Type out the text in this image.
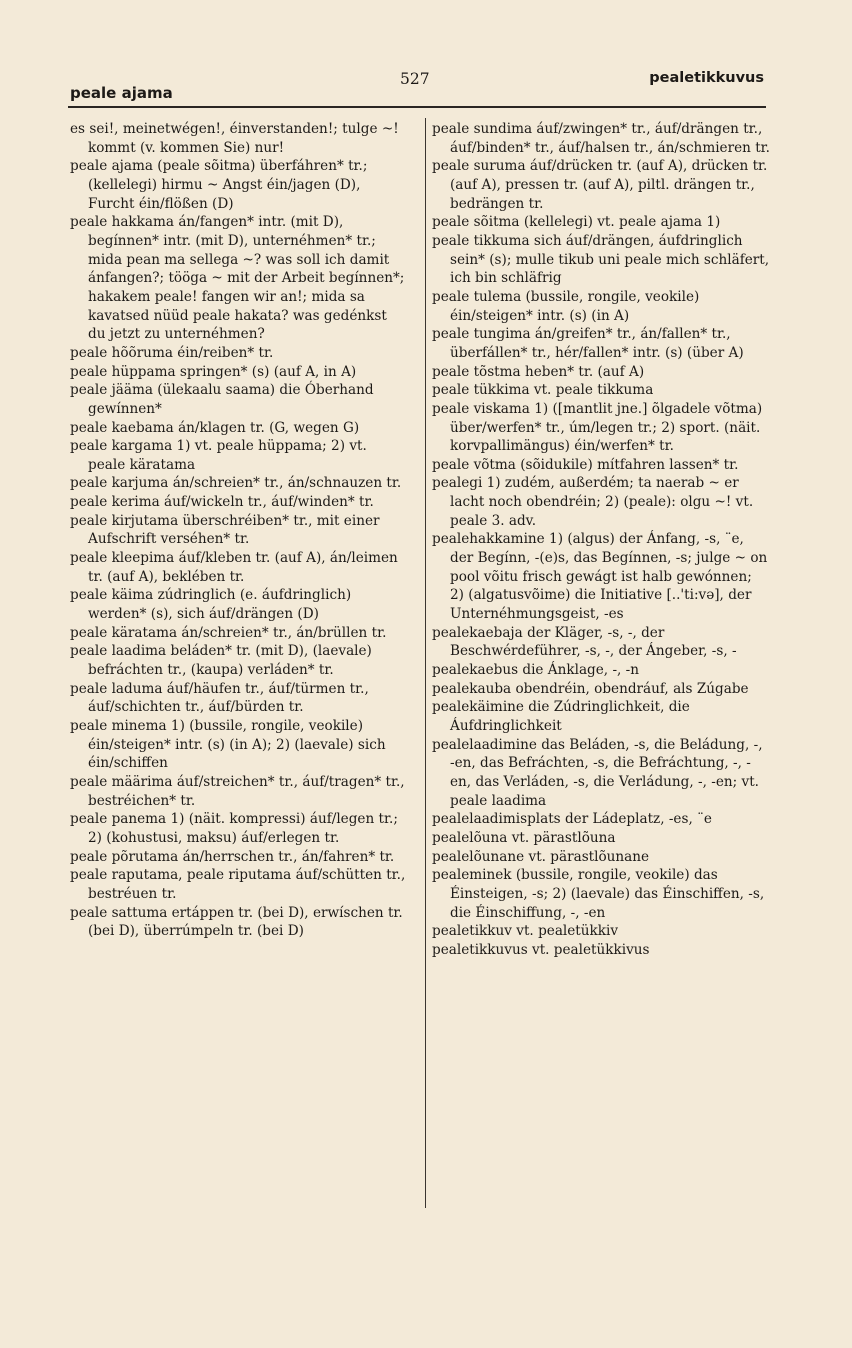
peale ajama
527	pealetikkuvus

es sei!, meinetwégen!, éinverstanden!; tulge ~! kommt (v. kommen Sie) nur!

peale ajama (peale sõitma) überfáhren* tr.; (kellelegi) hirmu ~ Angst éin/jagen (D), Furcht éin/flößen (D)

peale hakkama án/fangen* intr. (mit D), begínnen* intr. (mit D), unternéhmen* tr.; mida pean ma sellega ~? was soll ich damit ánfangen?; tööga ~ mit der Arbeit begínnen*; hakakem peale! fangen wir an!; mida sa kavatsed nüüd peale hakata? was gedénkst du jetzt zu unternéhmen?

peale hõõruma éin/reiben* tr.

peale hüppama springen* (s) (auf A, in A)

peale jääma (ülekaalu saama) die Óberhand gewínnen*

peale kaebama án/klagen tr. (G, wegen G)

peale kargama 1) vt. peale hüppama; 2) vt. peale käratama

peale karjuma án/schreien* tr., án/schnauzen tr.

peale kerima áuf/wickeln tr., áuf/winden* tr.

peale kirjutama überschréiben* tr., mit einer Aufschrift verséhen* tr.

peale kleepima áuf/kleben tr. (auf A), án/leimen tr. (auf A), beklében tr.

peale käima zúdringlich (e. áufdringlich) werden* (s), sich áuf/drängen (D)

peale käratama án/schreien* tr., án/brüllen tr.

peale laadima beláden* tr. (mit D), (laevale) befráchten tr., (kaupa) verláden* tr.

peale laduma áuf/häufen tr., áuf/türmen tr., áuf/schichten tr., áuf/bürden tr.

peale minema 1) (bussile, rongile, veokile) éin/steigen* intr. (s) (in A); 2) (laevale) sich éin/schiffen

peale määrima áuf/streichen* tr., áuf/tragen* tr., bestréichen* tr.

peale panema 1) (näit. kompressi) áuf/legen tr.; 2) (kohustusi, maksu) áuf/erlegen tr.

peale põrutama án/herrschen tr., án/fahren* tr.

peale raputama, peale riputama áuf/schütten tr., bestréuen tr.

peale sattuma ertáppen tr. (bei D), erwíschen tr. (bei D), überrúmpeln tr. (bei D)

peale sundima áuf/zwingen* tr., áuf/drängen tr., áuf/binden* tr., áuf/halsen tr., án/schmieren tr.

peale suruma áuf/drücken tr. (auf A), drücken tr. (auf A), pressen tr. (auf A), piltl. drängen tr., bedrängen tr.

peale sõitma (kellelegi) vt. peale ajama 1)

peale tikkuma sich áuf/drängen, áufdringlich sein* (s); mulle tikub uni peale mich schläfert, ich bin schläfrig

peale tulema (bussile, rongile, veokile) éin/steigen* intr. (s) (in A)

peale tungima án/greifen* tr., án/fallen* tr., überfállen* tr., hér/fallen* intr. (s) (über A)

peale tõstma heben* tr. (auf A)

peale tükkima vt. peale tikkuma

peale viskama 1) ([mantlit jne.] õlgadele võtma) über/werfen* tr., úm/legen tr.; 2) sport. (näit. korvpallimängus) éin/werfen* tr.

peale võtma (sõidukile) mítfahren lassen* tr.

pealegi 1) zudém, außerdém; ta naerab ~ er lacht noch obendréin; 2) (peale): olgu ~! vt. peale 3. adv.

pealehakkamine 1) (algus) der Ánfang, -s, ¨e, der Begínn, -(e)s, das Begínnen, -s; julge ~ on pool võitu frisch gewágt ist halb gewónnen; 2) (algatusvõime) die Initiative [..'ti:və], der Unternéhmungsgeist, -es

pealekaebaja der Kläger, -s, -, der Beschwérdeführer, -s, -, der Ángeber, -s, -

pealekaebus die Ánklage, -, -n

pealekauba obendréin, obendráuf, als Zúgabe

pealekäimine die Zúdringlichkeit, die Áufdringlichkeit

pealelaadimine das Beláden, -s, die Beládung, -, -en, das Befráchten, -s, die Befráchtung, -, -en, das Verláden, -s, die Verládung, -, -en; vt. peale laadima

pealelaadimisplats der Ládeplatz, -es, ¨e

pealelõuna vt. pärastlõuna

pealelõunane vt. pärastlõunane

pealeminek (bussile, rongile, veokile) das Éinsteigen, -s; 2) (laevale) das Éinschiffen, -s, die Éinschiffung, -, -en

pealetikkuv vt. pealetükkiv

pealetikkuvus vt. pealetükkivus
